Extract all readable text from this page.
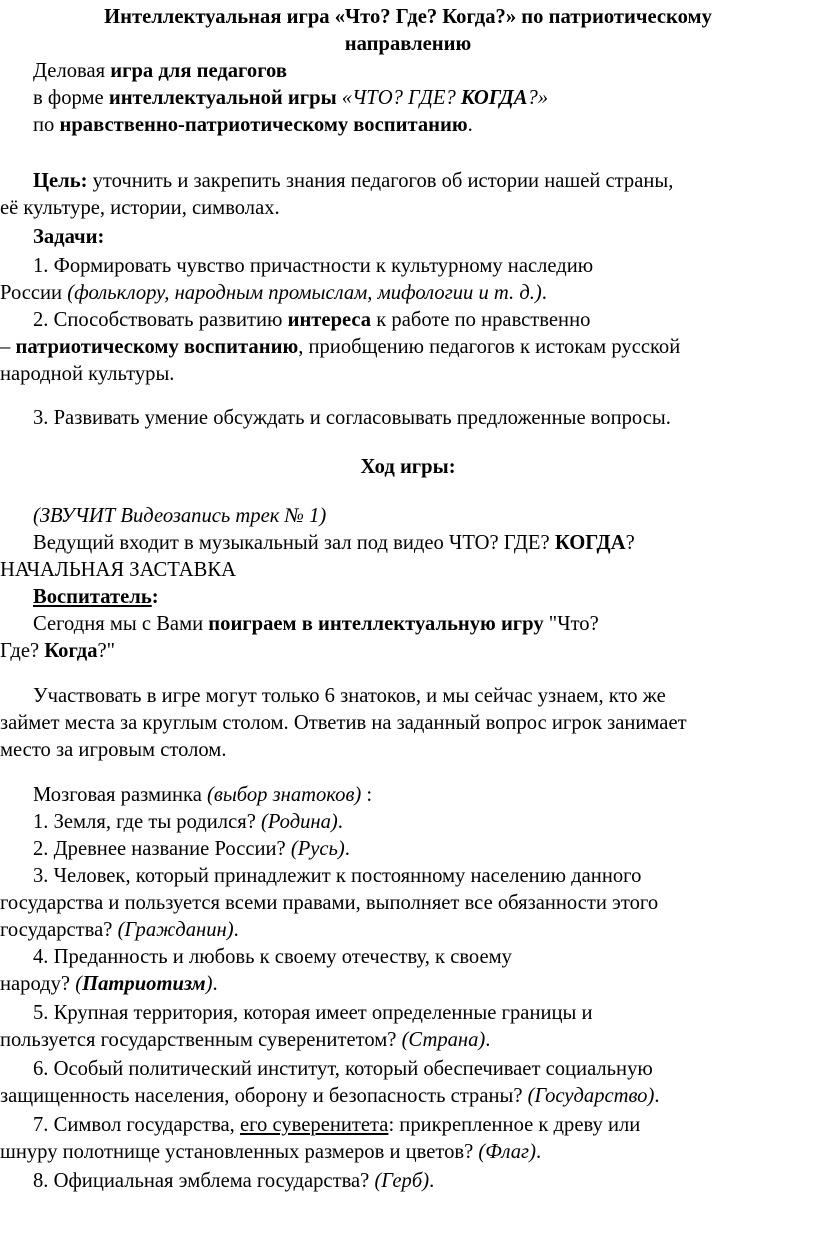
Интеллектуальная игра «Что? Где? Когда?» по патриотическому
направлению
Деловая игра для педагогов
в форме интеллектуальной игры «ЧТО? ГДЕ? КОГДА?»
по нравственно-патриотическому воспитанию.
Цель: уточнить и закрепить знания педагогов об истории нашей страны,
её культуре, истории, символах.
Задачи:
1. Формировать чувство причастности к культурному наследию
России (фольклору, народным промыслам, мифологии и т. д.).
2. Способствовать развитию интереса к работе по нравственно
– патриотическому воспитанию, приобщению педагогов к истокам русской
народной культуры.
3. Развивать умение обсуждать и согласовывать предложенные вопросы.
Ход игры:
(ЗВУЧИТ Видеозапись трек № 1)
Ведущий входит в музыкальный зал под видео ЧТО? ГДЕ? КОГДА?
НАЧАЛЬНАЯ ЗАСТАВКА
Воспитатель:
Сегодня мы с Вами поиграем в интеллектуальную игру "Что?
Где? Когда?"
Участвовать в игре могут только 6 знатоков, и мы сейчас узнаем, кто же
займет места за круглым столом. Ответив на заданный вопрос игрок занимает
место за игровым столом.
Мозговая разминка (выбор знатоков) :
1. Земля, где ты родился? (Родина).
2. Древнее название России? (Русь).
3. Человек, который принадлежит к постоянному населению данного
государства и пользуется всеми правами, выполняет все обязанности этого
государства? (Гражданин).
4. Преданность и любовь к своему отечеству, к своему
народу? (Патриотизм).
5. Крупная территория, которая имеет определенные границы и
пользуется государственным суверенитетом? (Страна).
6. Особый политический институт, который обеспечивает социальную
защищенность населения, оборону и безопасность страны? (Государство).
7. Символ государства, его суверенитета: прикрепленное к древу или
шнуру полотнище установленных размеров и цветов? (Флаг).
8. Официальная эмблема государства? (Герб).
